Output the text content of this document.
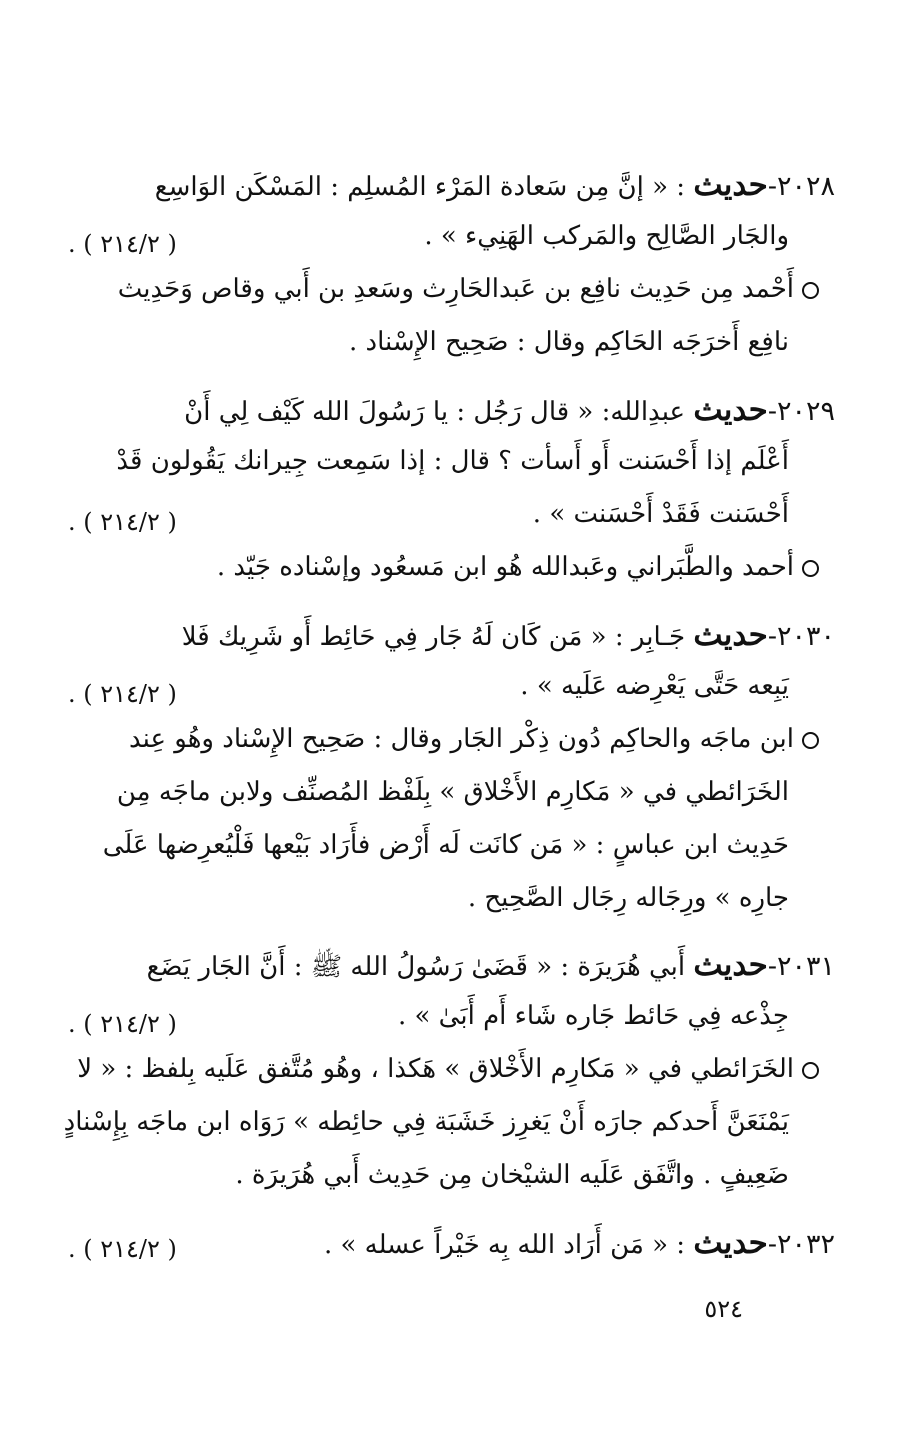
٢٠٢٨-حديث : « إنَّ مِن سَعادة المَرْء المُسلِم : المَسْكَن الوَاسِع
والجَار الصَّالِح والمَركب الهَنِيء » .
( ٢١٤/٢ ) .
أَحْمد مِن حَدِيث نافِع بن عَبدالحَارِث وسَعدِ بن أَبي وقاص وَحَدِيث
نافِع أَخرَجَه الحَاكِم وقال : صَحِيح الإِسْناد .
٢٠٢٩-حديث عبدِالله: « قال رَجُل : يا رَسُولَ الله كَيْف لِي أَنْ
أَعْلَم إذا أَحْسَنت أَو أَسأت ؟ قال : إذا سَمِعت جِيرانك يَقُولون قَدْ
أَحْسَنت فَقَدْ أَحْسَنت » .
( ٢١٤/٢ ) .
أحمد والطَّبَراني وعَبدالله هُو ابن مَسعُود وإسْناده جَيّد .
٢٠٣٠-حديث جَـابِر : « مَن كَان لَهُ جَار فِي حَائِط أَو شَرِيك فَلا
يَبِعه حَتَّى يَعْرِضه عَلَيه » .
( ٢١٤/٢ ) .
ابن ماجَه والحاكِم دُون ذِكْر الجَار وقال : صَحِيح الإِسْناد وهُو عِند
الخَرَائطي في « مَكارِم الأَخْلاق » بِلَفْظ المُصنِّف ولابن ماجَه مِن
حَدِيث ابن عباسٍ : « مَن كانَت لَه أَرْض فأَرَاد بَيْعها فَلْيُعرِضها عَلَى
جارِه » ورِجَاله رِجَال الصَّحِيح .
٢٠٣١-حديث أَبي هُرَيرَة : « قَضَىٰ رَسُولُ الله ﷺ : أَنَّ الجَار يَضَع
جِذْعه فِي حَائط جَاره شَاء أَم أَبَىٰ » .
( ٢١٤/٢ ) .
الخَرَائطي في « مَكارِم الأَخْلاق » هَكذا ، وهُو مُتَّفق عَلَيه بِلفظ : « لا
يَمْنَعَنَّ أَحدكم جارَه أَنْ يَغرِز خَشَبَة فِي حائِطه » رَوَاه ابن ماجَه بِإِسْنادٍ
ضَعِيفٍ . واتَّفَق عَلَيه الشيْخان مِن حَدِيث أَبي هُرَيرَة .
٢٠٣٢-حديث : « مَن أَرَاد الله بِه خَيْراً عسله » .
( ٢١٤/٢ ) .
٥٢٤
